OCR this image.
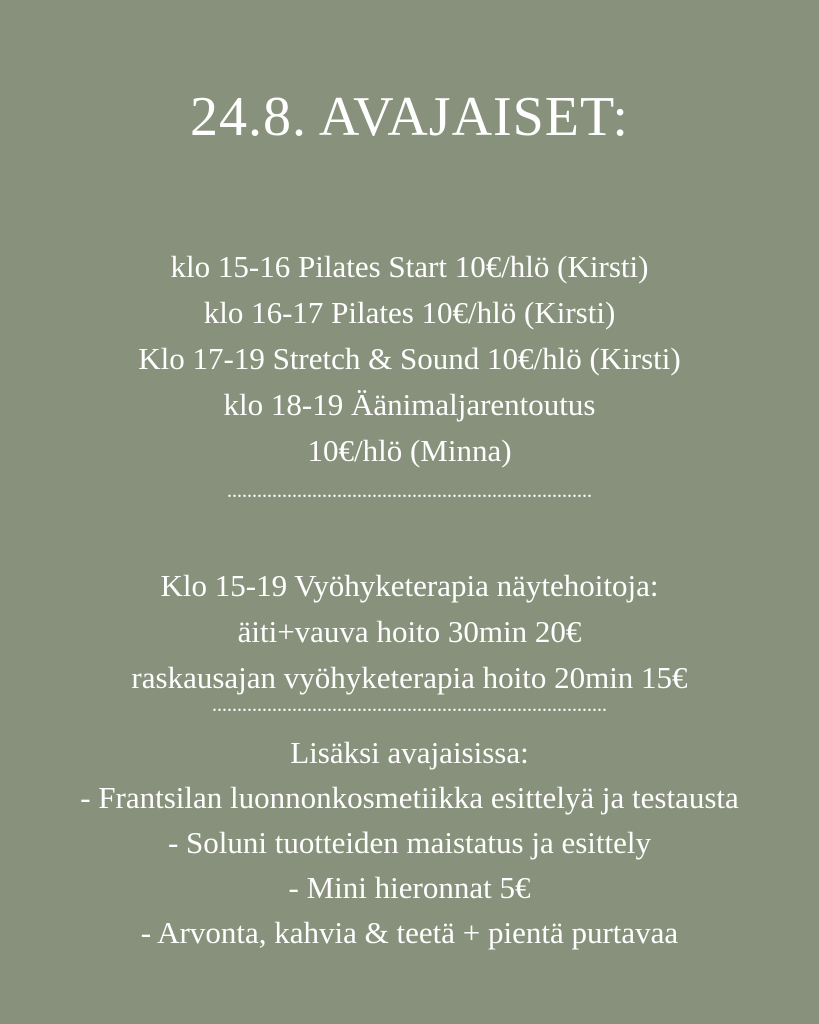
24.8. AVAJAISET:
klo 15-16 Pilates Start 10€/hlö (Kirsti)
klo 16-17 Pilates 10€/hlö (Kirsti)
Klo 17-19 Stretch & Sound 10€/hlö (Kirsti)
klo 18-19 Äänimaljarentoutus
10€/hlö (Minna)
.........................................................................
Klo 15-19 Vyöhyketerapia näytehoitoja:
äiti+vauva hoito 30min 20€
raskausajan vyöhyketerapia hoito 20min 15€
...............................................................................
Lisäksi avajaisissa:
- Frantsilan luonnonkosmetiikka esittelyä ja testausta
- Soluni tuotteiden maistatus ja esittely
- Mini hieronnat 5€
- Arvonta, kahvia & teetä + pientä purtavaa
